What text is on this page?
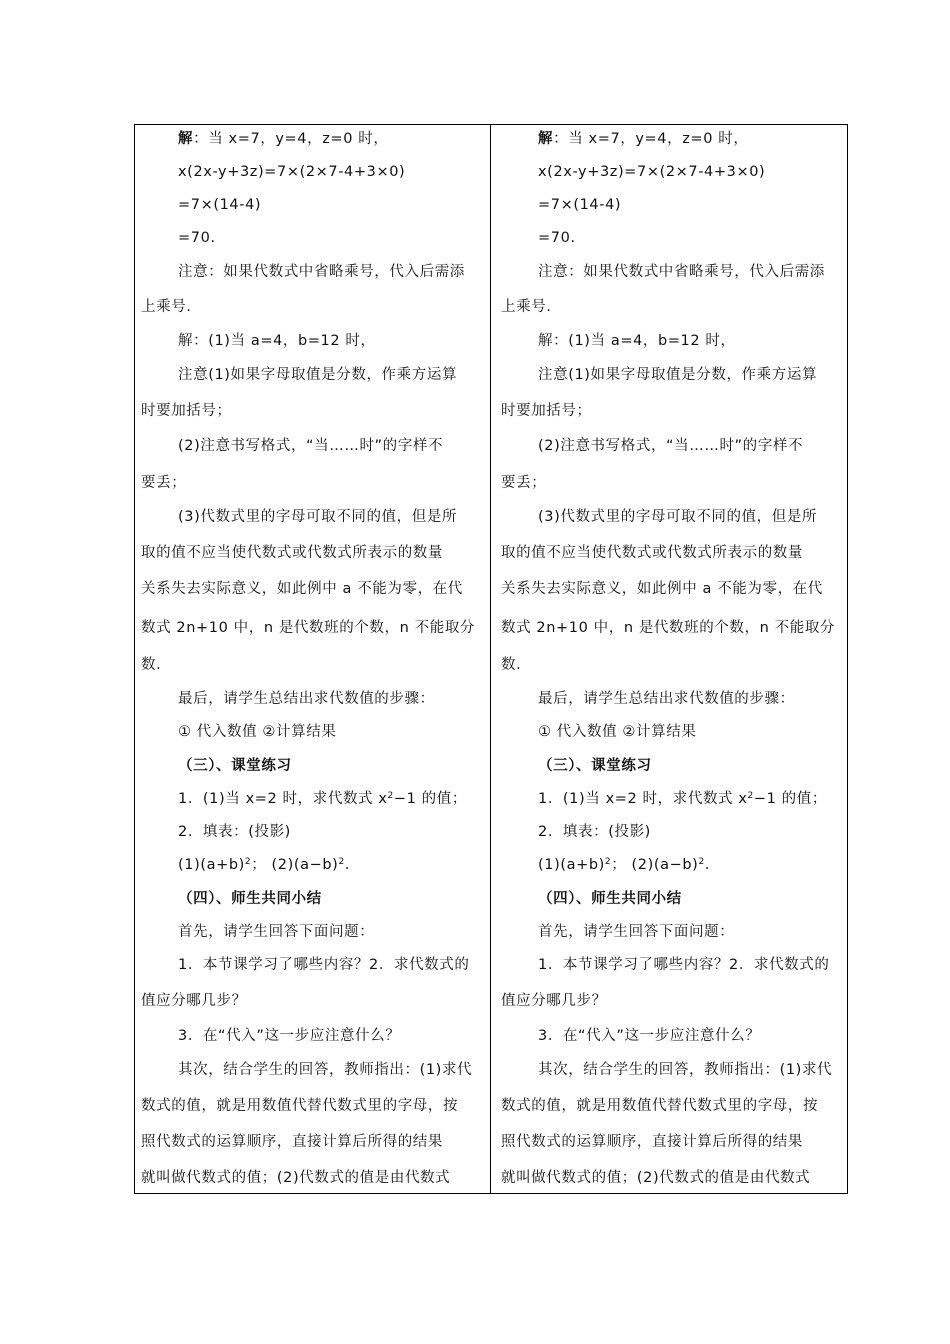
解：当 x=7，y=4，z=0 时，
x(2x-y+3z)=7×(2×7-4+3×0)
=7×(14-4)
=70.
注意：如果代数式中省略乘号，代入后需添
上乘号.
解：(1)当 a=4，b=12 时，
注意(1)如果字母取值是分数，作乘方运算
时要加括号；
(2)注意书写格式，“当……时”的字样不
要丢；
(3)代数式里的字母可取不同的值，但是所
取的值不应当使代数式或代数式所表示的数量
关系失去实际意义，如此例中 a 不能为零，在代
数式 2n+10 中，n 是代数班的个数，n 不能取分
数.
最后，请学生总结出求代数值的步骤：
① 代入数值 ②计算结果
（三）、课堂练习
1．(1)当 x=2 时，求代数式 $x^2-1$ 的值；
2．填表：(投影)
$(1)(a+b)^2$； $(2)(a-b)^2$.
（四）、师生共同小结
首先，请学生回答下面问题：
1．本节课学习了哪些内容？2．求代数式的
值应分哪几步？
3．在“代入”这一步应注意什么？
其次，结合学生的回答，教师指出：(1)求代
数式的值，就是用数值代替代数式里的字母，按
照代数式的运算顺序，直接计算后所得的结果
就叫做代数式的值；(2)代数式的值是由代数式
解：当 x=7，y=4，z=0 时，
x(2x-y+3z)=7×(2×7-4+3×0)
=7×(14-4)
=70.
注意：如果代数式中省略乘号，代入后需添
上乘号.
解：(1)当 a=4，b=12 时，
注意(1)如果字母取值是分数，作乘方运算
时要加括号；
(2)注意书写格式，“当……时”的字样不
要丢；
(3)代数式里的字母可取不同的值，但是所
取的值不应当使代数式或代数式所表示的数量
关系失去实际意义，如此例中 a 不能为零，在代
数式 2n+10 中，n 是代数班的个数，n 不能取分
数.
最后，请学生总结出求代数值的步骤：
① 代入数值 ②计算结果
（三）、课堂练习
1．(1)当 x=2 时，求代数式 $x^2-1$ 的值；
2．填表：(投影)
$(1)(a+b)^2$； $(2)(a-b)^2$.
（四）、师生共同小结
首先，请学生回答下面问题：
1．本节课学习了哪些内容？2．求代数式的
值应分哪几步？
3．在“代入”这一步应注意什么？
其次，结合学生的回答，教师指出：(1)求代
数式的值，就是用数值代替代数式里的字母，按
照代数式的运算顺序，直接计算后所得的结果
就叫做代数式的值；(2)代数式的值是由代数式
